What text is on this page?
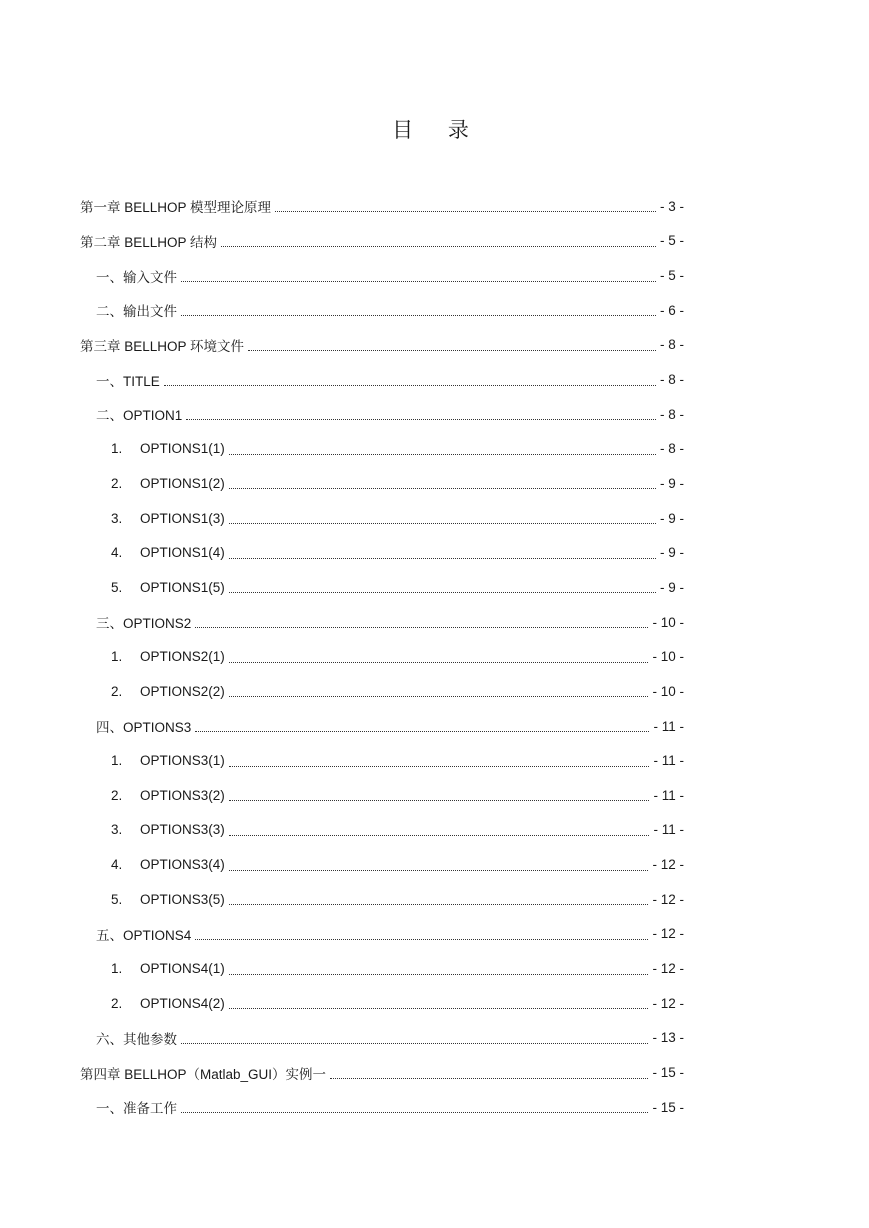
目 录
第一章 BELLHOP 模型理论原理	- 3 -
第二章 BELLHOP 结构	- 5 -
一、输入文件	- 5 -
二、输出文件	- 6 -
第三章 BELLHOP 环境文件	- 8 -
一、TITLE	- 8 -
二、OPTION1	- 8 -
1. OPTIONS1(1)	- 8 -
2. OPTIONS1(2)	- 9 -
3. OPTIONS1(3)	- 9 -
4. OPTIONS1(4)	- 9 -
5. OPTIONS1(5)	- 9 -
三、OPTIONS2	- 10 -
1. OPTIONS2(1)	- 10 -
2. OPTIONS2(2)	- 10 -
四、OPTIONS3	- 11 -
1. OPTIONS3(1)	- 11 -
2. OPTIONS3(2)	- 11 -
3. OPTIONS3(3)	- 11 -
4. OPTIONS3(4)	- 12 -
5. OPTIONS3(5)	- 12 -
五、OPTIONS4	- 12 -
1. OPTIONS4(1)	- 12 -
2. OPTIONS4(2)	- 12 -
六、其他参数	- 13 -
第四章 BELLHOP（Matlab_GUI）实例一	- 15 -
一、准备工作	- 15 -
